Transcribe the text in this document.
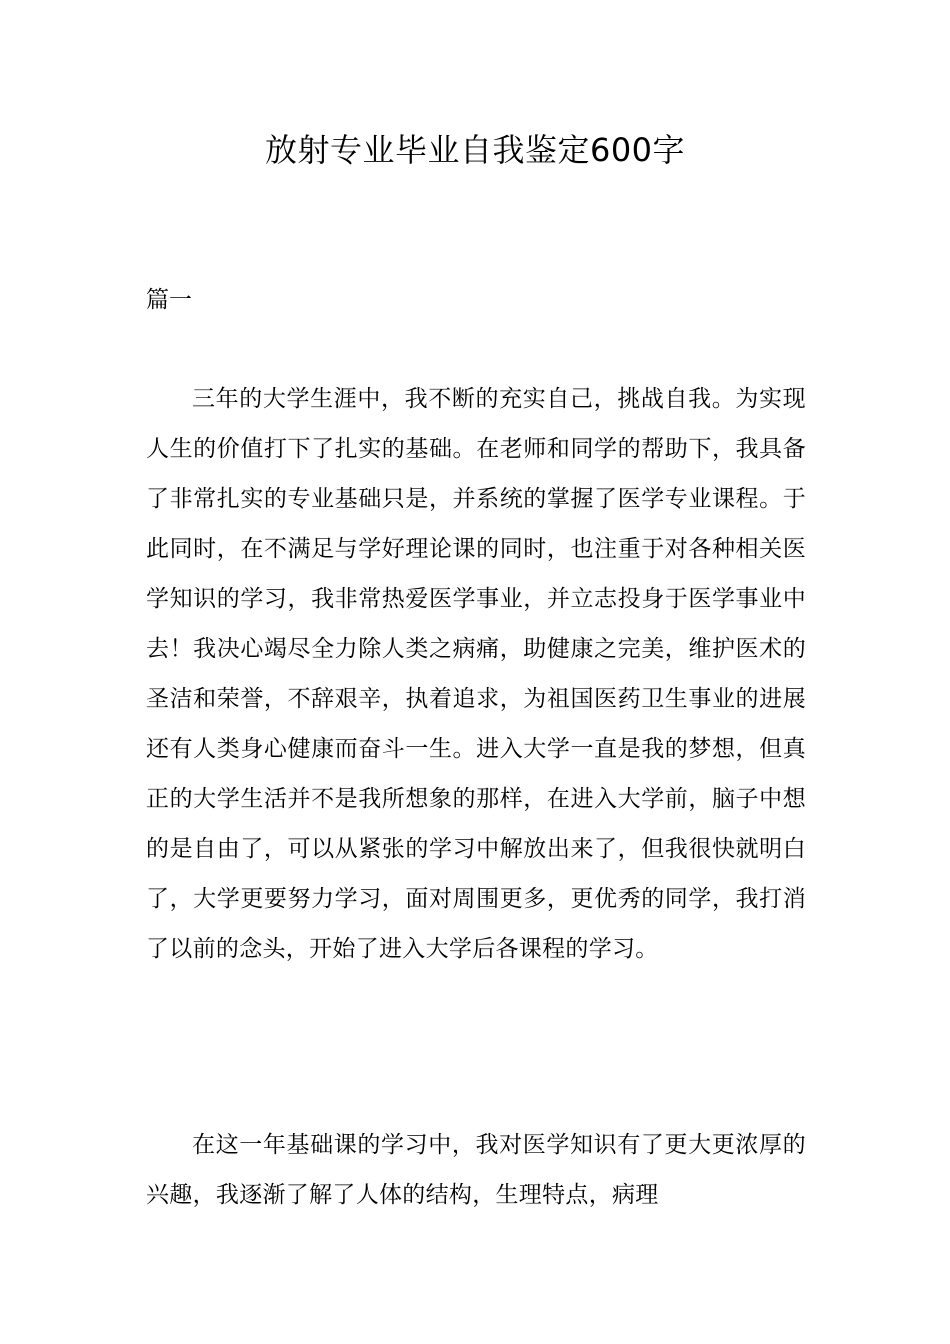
放射专业毕业自我鉴定600字

篇一

三年的大学生涯中，我不断的充实自己，挑战自我。为实现人生的价值打下了扎实的基础。在老师和同学的帮助下，我具备了非常扎实的专业基础只是，并系统的掌握了医学专业课程。于此同时，在不满足与学好理论课的同时，也注重于对各种相关医学知识的学习，我非常热爱医学事业，并立志投身于医学事业中去！我决心竭尽全力除人类之病痛，助健康之完美，维护医术的圣洁和荣誉，不辞艰辛，执着追求，为祖国医药卫生事业的进展还有人类身心健康而奋斗一生。进入大学一直是我的梦想，但真正的大学生活并不是我所想象的那样，在进入大学前，脑子中想的是自由了，可以从紧张的学习中解放出来了，但我很快就明白了，大学更要努力学习，面对周围更多，更优秀的同学，我打消了以前的念头，开始了进入大学后各课程的学习。

在这一年基础课的学习中，我对医学知识有了更大更浓厚的兴趣，我逐渐了解了人体的结构，生理特点，病理
